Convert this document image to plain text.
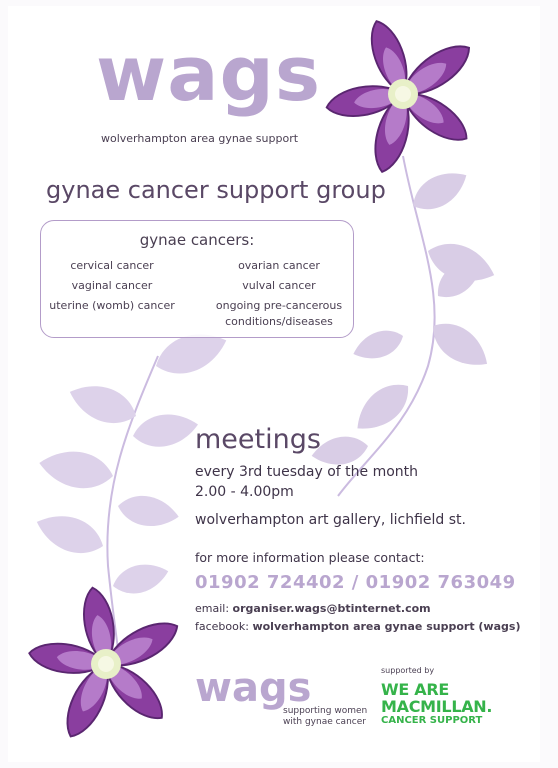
wags
wolverhampton area gynae support
gynae cancer support group
gynae cancers:
cervical cancer
vaginal cancer
uterine (womb) cancer
ovarian cancer
vulval cancer
ongoing pre-cancerous
conditions/diseases
meetings
every 3rd tuesday of the month
2.00 - 4.00pm
wolverhampton art gallery, lichfield st.
for more information please contact:
01902 724402 / 01902 763049
email: organiser.wags@btinternet.com
facebook: wolverhampton area gynae support (wags)
wags
supporting women
with gynae cancer
supported by
WE ARE
MACMILLAN.
CANCER SUPPORT
